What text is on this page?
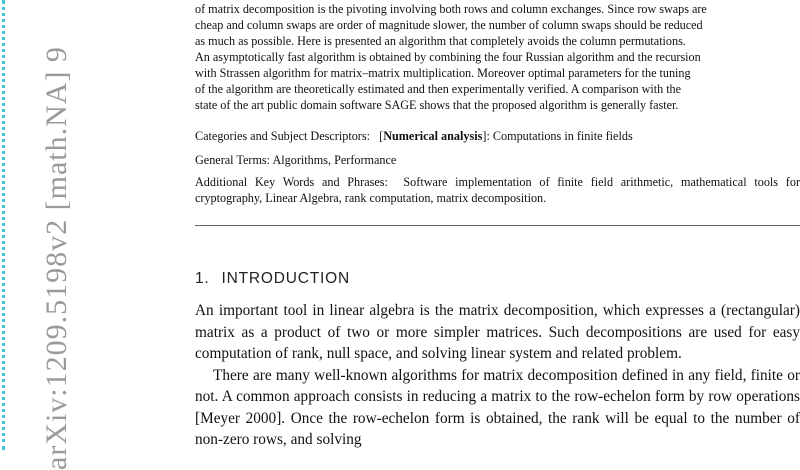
arXiv:1209.5198v2 [math.NA] 9

of matrix decomposition is the pivoting involving both rows and column exchanges. Since row swaps are

cheap and column swaps are order of magnitude slower, the number of column swaps should be reduced

as much as possible. Here is presented an algorithm that completely avoids the column permutations.

An asymptotically fast algorithm is obtained by combining the four Russian algorithm and the recursion

with Strassen algorithm for matrix–matrix multiplication. Moreover optimal parameters for the tuning

of the algorithm are theoretically estimated and then experimentally verified. A comparison with the

state of the art public domain software SAGE shows that the proposed algorithm is generally faster.

Categories and Subject Descriptors: [Numerical analysis]: Computations in finite fields

General Terms: Algorithms, Performance

Additional Key Words and Phrases: Software implementation of finite field arithmetic, mathematical tools for cryptography, Linear Algebra, rank computation, matrix decomposition.

1. INTRODUCTION

An important tool in linear algebra is the matrix decomposition, which expresses a (rectangular) matrix as a product of two or more simpler matrices. Such decompositions are used for easy computation of rank, null space, and solving linear system and related problem.

There are many well-known algorithms for matrix decomposition defined in any field, finite or not. A common approach consists in reducing a matrix to the row-echelon form by row operations [Meyer 2000]. Once the row-echelon form is obtained, the rank will be equal to the number of non-zero rows, and solving
